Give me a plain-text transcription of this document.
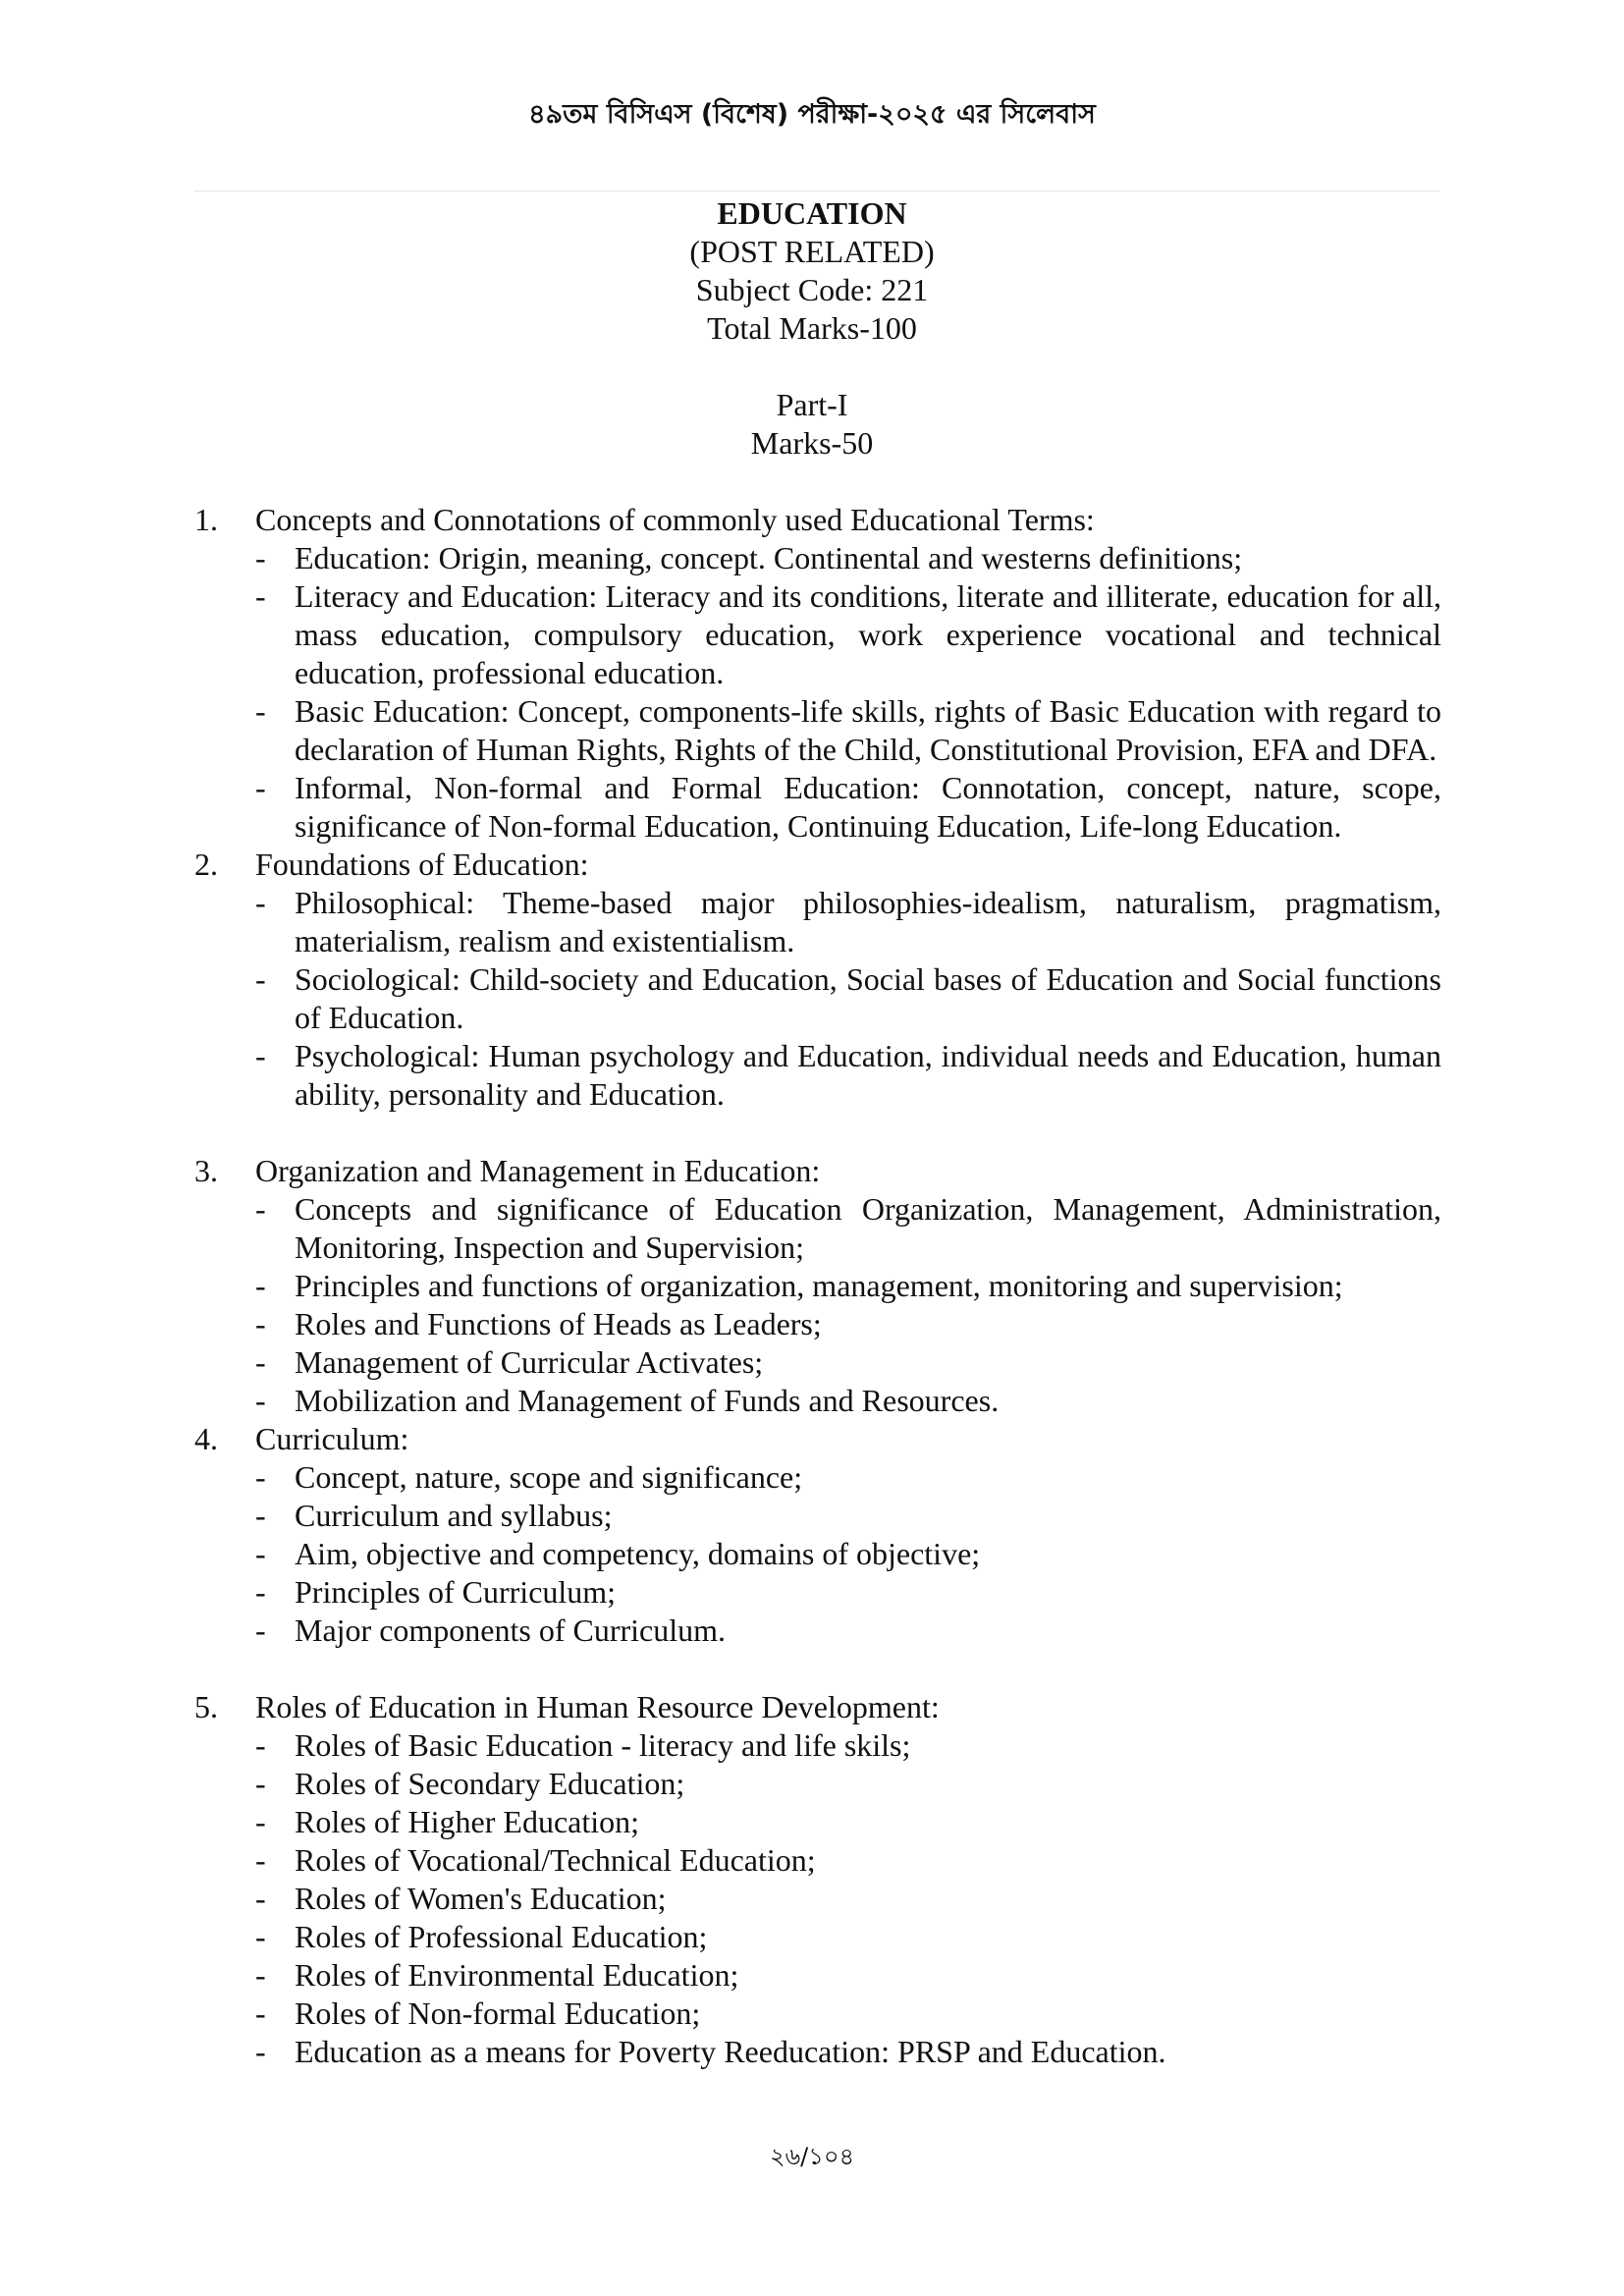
৪৯তম বিসিএস (বিশেষ) পরীক্ষা-২০২৫ এর সিলেবাস
EDUCATION
(POST RELATED)
Subject Code: 221
Total Marks-100
Part-I
Marks-50
1. Concepts and Connotations of commonly used Educational Terms:
- Education: Origin, meaning, concept. Continental and westerns definitions;
- Literacy and Education: Literacy and its conditions, literate and illiterate, education for all, mass education, compulsory education, work experience vocational and technical education, professional education.
- Basic Education: Concept, components-life skills, rights of Basic Education with regard to declaration of Human Rights, Rights of the Child, Constitutional Provision, EFA and DFA.
- Informal, Non-formal and Formal Education: Connotation, concept, nature, scope, significance of Non-formal Education, Continuing Education, Life-long Education.
2. Foundations of Education:
- Philosophical: Theme-based major philosophies-idealism, naturalism, pragmatism, materialism, realism and existentialism.
- Sociological: Child-society and Education, Social bases of Education and Social functions of Education.
- Psychological: Human psychology and Education, individual needs and Education, human ability, personality and Education.
3. Organization and Management in Education:
- Concepts and significance of Education Organization, Management, Administration, Monitoring, Inspection and Supervision;
- Principles and functions of organization, management, monitoring and supervision;
- Roles and Functions of Heads as Leaders;
- Management of Curricular Activates;
- Mobilization and Management of Funds and Resources.
4. Curriculum:
- Concept, nature, scope and significance;
- Curriculum and syllabus;
- Aim, objective and competency, domains of objective;
- Principles of Curriculum;
- Major components of Curriculum.
5. Roles of Education in Human Resource Development:
- Roles of Basic Education - literacy and life skils;
- Roles of Secondary Education;
- Roles of Higher Education;
- Roles of Vocational/Technical Education;
- Roles of Women's Education;
- Roles of Professional Education;
- Roles of Environmental Education;
- Roles of Non-formal Education;
- Education as a means for Poverty Reeducation: PRSP and Education.
২৬/১০৪
